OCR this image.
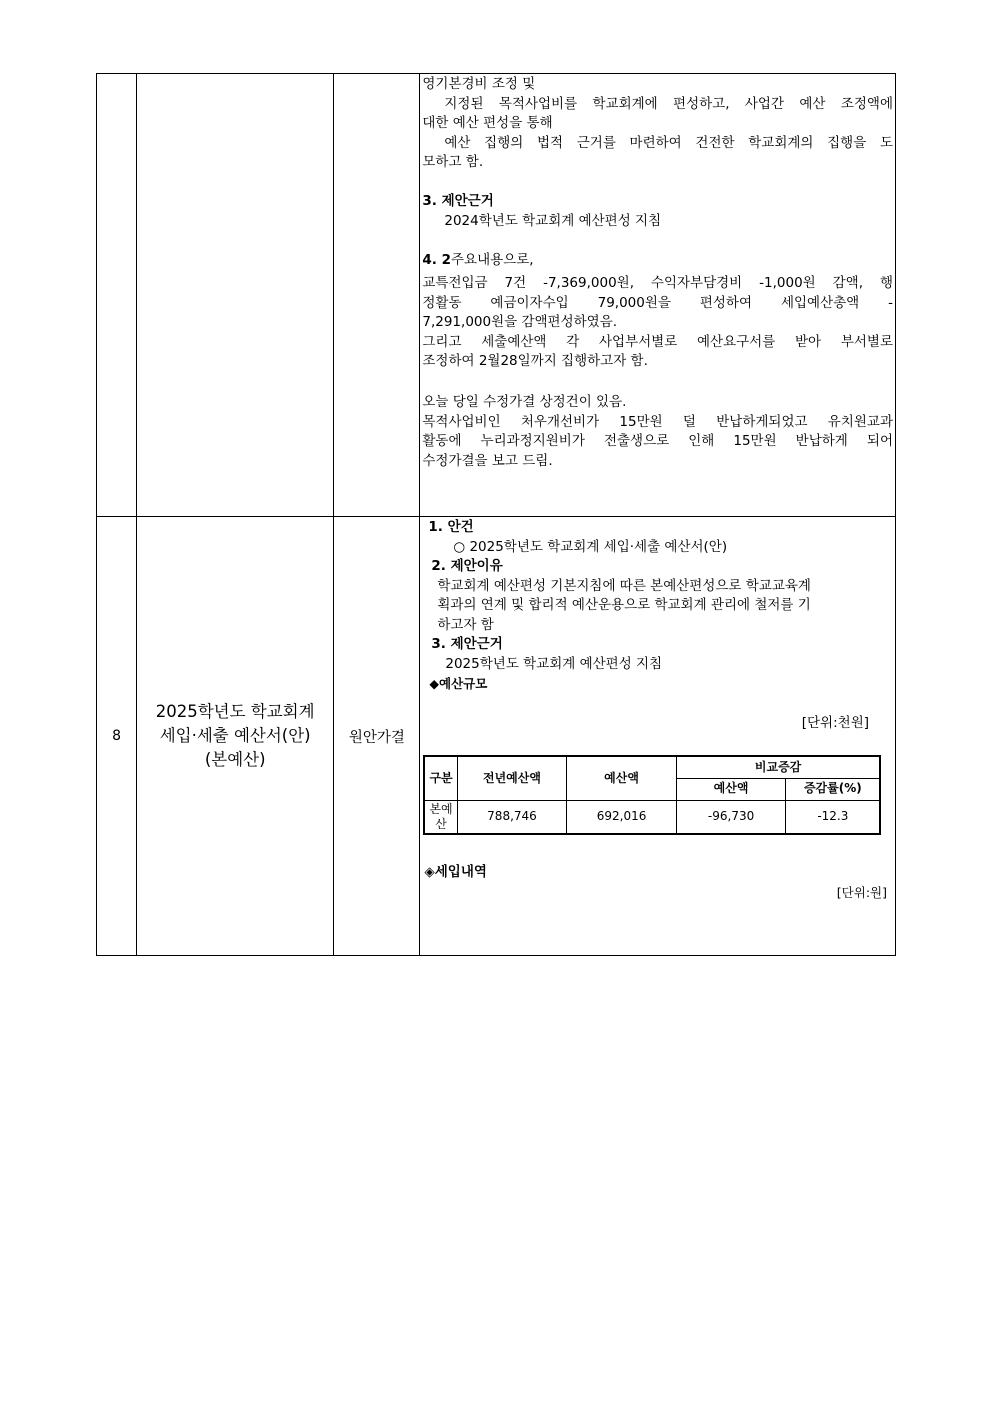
영기본경비 조정 및
지정된 목적사업비를 학교회계에 편성하고, 사업간 예산 조정액에
대한 예산 편성을 통해
예산 집행의 법적 근거를 마련하여 건전한 학교회계의 집행을 도
모하고 함.
3. 제안근거
2024학년도 학교회계 예산편성 지침
4. 2주요내용으로,
교특전입금 7건 -7,369,000원, 수익자부담경비 -1,000원 감액, 행
정활동 예금이자수입 79,000원을 편성하여 세입예산총액 -
7,291,000원을 감액편성하였음.
그리고 세출예산액 각 사업부서별로 예산요구서를 받아 부서별로
조정하여 2월28일까지 집행하고자 함.
오늘 당일 수정가결 상정건이 있음.
목적사업비인 처우개선비가 15만원 덜 반납하게되었고 유치원교과
활동에 누리과정지원비가 전출생으로 인해 15만원 반납하게 되어
수정가결을 보고 드림.

8	
2025학년도 학교회계
세입·세출 예산서(안)
(본예산)
	원안가결	
1. 안건
○ 2025학년도 학교회계 세입·세출 예산서(안)
2. 제안이유
학교회계 예산편성 기본지침에 따른 본예산편성으로 학교교육계
획과의 연계 및 합리적 예산운용으로 학교회계 관리에 철저를 기
하고자 함
3. 제안근거
2025학년도 학교회계 예산편성 지침
◆예산규모
[단위:천원]
구분	전년예산액	예산액	비교증감
예산액	증감률(%)
본예산	788,746	692,016	-96,730	-12.3
◈세입내역
[단위:원]
